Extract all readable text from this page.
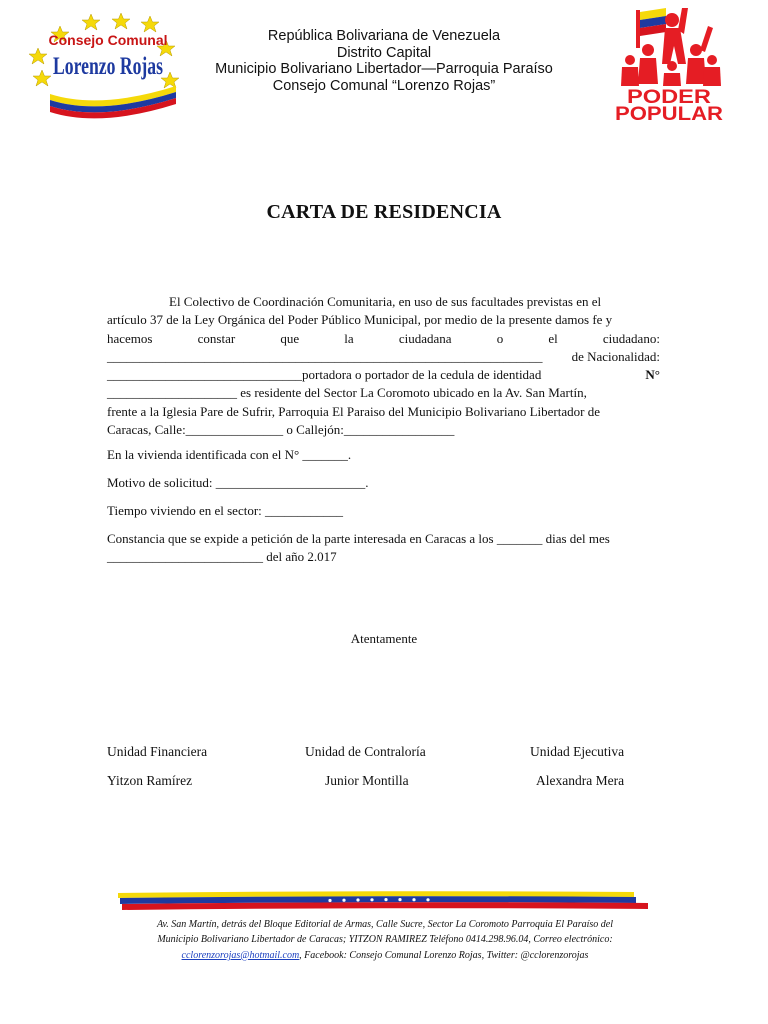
Consejo Comunal
Lorenzo Rojas
PODER
POPULAR
República Bolivariana de Venezuela
Distrito Capital
Municipio Bolivariano Libertador—Parroquia Paraíso
Consejo Comunal “Lorenzo Rojas”
CARTA DE RESIDENCIA
El Colectivo de Coordinación Comunitaria, en uso de sus facultades previstas en el
artículo 37 de la Ley Orgánica del Poder Público Municipal, por medio de la presente damos fe y
hacemos	constar	que	la	ciudadana	o	el	ciudadano:
___________________________________________________________________ de Nacionalidad:
______________________________portadora o portador de la cedula de identidad	N°
____________________ es residente del Sector La Coromoto ubicado en la Av. San Martín,
frente a la Iglesia Pare de Sufrir, Parroquia El Paraiso del Municipio Bolivariano Libertador de
Caracas, Calle:_______________ o Callejón:_________________
En la vivienda identificada con el N° _______.
Motivo de solicitud: _______________________.
Tiempo viviendo en el sector: ____________
Constancia que se expide a petición de la parte interesada en Caracas a los _______ dias del mes
________________________ del año 2.017
Atentamente
Unidad Financiera	Unidad de Contraloría	Unidad Ejecutiva
Yitzon Ramírez	Junior Montilla	Alexandra Mera
Av. San Martín, detrás del Bloque Editorial de Armas, Calle Sucre, Sector La Coromoto Parroquia El Paraíso del
Municipio Bolivariano Libertador de Caracas; YITZON RAMIREZ Teléfono 0414.298.96.04, Correo electrónico:
cclorenzorojas@hotmail.com, Facebook: Consejo Comunal Lorenzo Rojas, Twitter: @cclorenzorojas
